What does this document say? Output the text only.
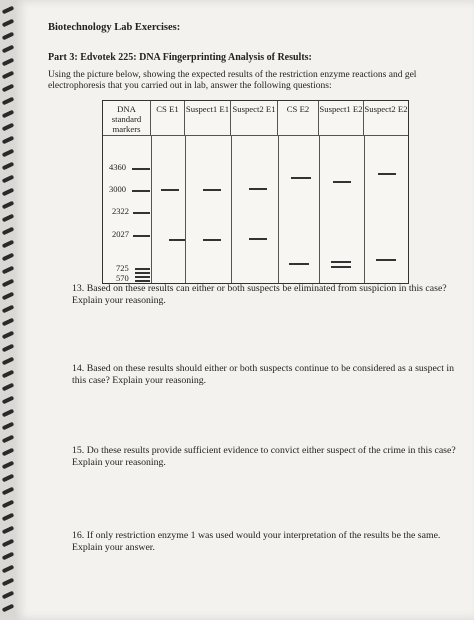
Biotechnology Lab Exercises:
Part 3: Edvotek 225: DNA Fingerprinting Analysis of Results:
Using the picture below, showing the expected results of the restriction enzyme reactions and gel electrophoresis that you carried out in lab, answer the following questions:
DNA standard markers
CS E1 Suspect1 E1 Suspect2 E1	CS E2	Suspect1 E2 Suspect2 E2
4360
3000
2322
2027
725
570
13. Based on these results can either or both suspects be eliminated from suspicion in this case? Explain your reasoning.
14. Based on these results should either or both suspects continue to be considered as a suspect in this case? Explain your reasoning.
15. Do these results provide sufficient evidence to convict either suspect of the crime in this case? Explain your reasoning.
16. If only restriction enzyme 1 was used would your interpretation of the results be the same. Explain your answer.
